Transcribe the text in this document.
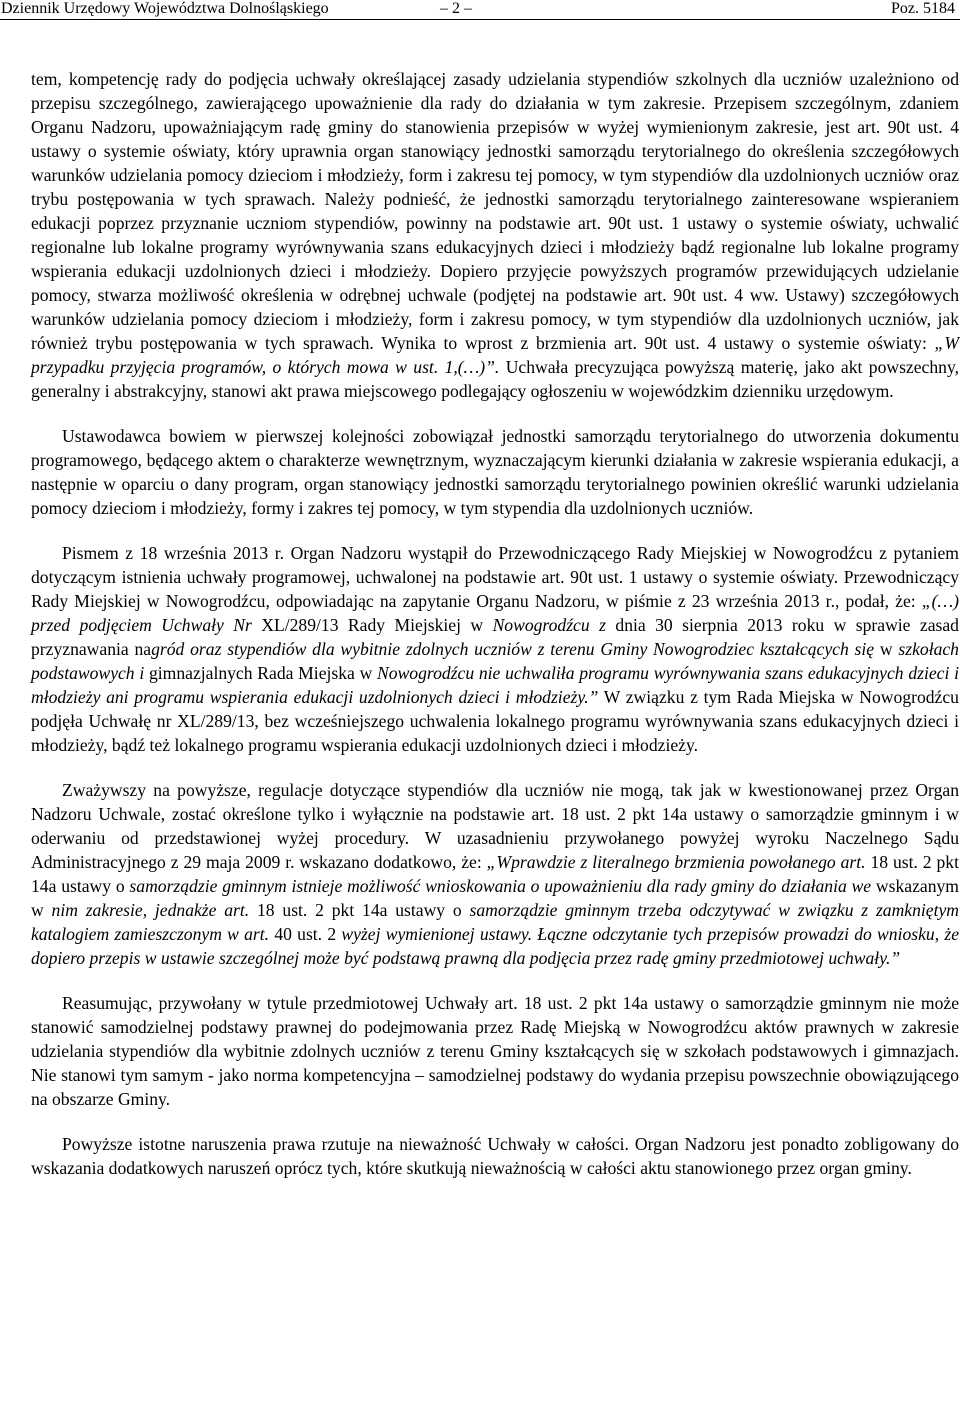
Dziennik Urzędowy Województwa Dolnośląskiego	– 2 –	Poz. 5184

tem, kompetencję rady do podjęcia uchwały określającej zasady udzielania stypendiów szkolnych dla uczniów uzależniono od przepisu szczególnego, zawierającego upoważnienie dla rady do działania w tym zakresie. Przepisem szczególnym, zdaniem Organu Nadzoru, upoważniającym radę gminy do stanowienia przepisów w wyżej wymienionym zakresie, jest art. 90t ust. 4 ustawy o systemie oświaty, który uprawnia organ stanowiący jednostki samorządu terytorialnego do określenia szczegółowych warunków udzielania pomocy dzieciom i młodzieży, form i zakresu tej pomocy, w tym stypendiów dla uzdolnionych uczniów oraz trybu postępowania w tych sprawach. Należy podnieść, że jednostki samorządu terytorialnego zainteresowane wspieraniem edukacji poprzez przyznanie uczniom stypendiów, powinny na podstawie art. 90t ust. 1 ustawy o systemie oświaty, uchwalić regionalne lub lokalne programy wyrównywania szans edukacyjnych dzieci i młodzieży bądź regionalne lub lokalne programy wspierania edukacji uzdolnionych dzieci i młodzieży. Dopiero przyjęcie powyższych programów przewidujących udzielanie pomocy, stwarza możliwość określenia w odrębnej uchwale (podjętej na podstawie art. 90t ust. 4 ww. Ustawy) szczegółowych warunków udzielania pomocy dzieciom i młodzieży, form i zakresu pomocy, w tym stypendiów dla uzdolnionych uczniów, jak również trybu postępowania w tych sprawach. Wynika to wprost z brzmienia art. 90t ust. 4 ustawy o systemie oświaty: „W przypadku przyjęcia programów, o których mowa w ust. 1,(…)”. Uchwała precyzująca powyższą materię, jako akt powszechny, generalny i abstrakcyjny, stanowi akt prawa miejscowego podlegający ogłoszeniu w wojewódzkim dzienniku urzędowym.

Ustawodawca bowiem w pierwszej kolejności zobowiązał jednostki samorządu terytorialnego do utworzenia dokumentu programowego, będącego aktem o charakterze wewnętrznym, wyznaczającym kierunki działania w zakresie wspierania edukacji, a następnie w oparciu o dany program, organ stanowiący jednostki samorządu terytorialnego powinien określić warunki udzielania pomocy dzieciom i młodzieży, formy i zakres tej pomocy, w tym stypendia dla uzdolnionych uczniów.

Pismem z 18 września 2013 r. Organ Nadzoru wystąpił do Przewodniczącego Rady Miejskiej w Nowogrodźcu z pytaniem dotyczącym istnienia uchwały programowej, uchwalonej na podstawie art. 90t ust. 1 ustawy o systemie oświaty. Przewodniczący Rady Miejskiej w Nowogrodźcu, odpowiadając na zapytanie Organu Nadzoru, w piśmie z 23 września 2013 r., podał, że: „(…) przed podjęciem Uchwały Nr XL/289/13 Rady Miejskiej w Nowogrodźcu z dnia 30 sierpnia 2013 roku w sprawie zasad przyznawania nagród oraz stypendiów dla wybitnie zdolnych uczniów z terenu Gminy Nowogrodziec kształcących się w szkołach podstawowych i gimnazjalnych Rada Miejska w Nowogrodźcu nie uchwaliła programu wyrównywania szans edukacyjnych dzieci i młodzieży ani programu wspierania edukacji uzdolnionych dzieci i młodzieży.” W związku z tym Rada Miejska w Nowogrodźcu podjęła Uchwałę nr XL/289/13, bez wcześniejszego uchwalenia lokalnego programu wyrównywania szans edukacyjnych dzieci i młodzieży, bądź też lokalnego programu wspierania edukacji uzdolnionych dzieci i młodzieży.

Zważywszy na powyższe, regulacje dotyczące stypendiów dla uczniów nie mogą, tak jak w kwestionowanej przez Organ Nadzoru Uchwale, zostać określone tylko i wyłącznie na podstawie art. 18 ust. 2 pkt 14a ustawy o samorządzie gminnym i w oderwaniu od przedstawionej wyżej procedury. W uzasadnieniu przywołanego powyżej wyroku Naczelnego Sądu Administracyjnego z 29 maja 2009 r. wskazano dodatkowo, że: „Wprawdzie z literalnego brzmienia powołanego art. 18 ust. 2 pkt 14a ustawy o samorządzie gminnym istnieje możliwość wnioskowania o upoważnieniu dla rady gminy do działania we wskazanym w nim zakresie, jednakże art. 18 ust. 2 pkt 14a ustawy o samorządzie gminnym trzeba odczytywać w związku z zamkniętym katalogiem zamieszczonym w art. 40 ust. 2 wyżej wymienionej ustawy. Łączne odczytanie tych przepisów prowadzi do wniosku, że dopiero przepis w ustawie szczególnej może być podstawą prawną dla podjęcia przez radę gminy przedmiotowej uchwały.”

Reasumując, przywołany w tytule przedmiotowej Uchwały art. 18 ust. 2 pkt 14a ustawy o samorządzie gminnym nie może stanowić samodzielnej podstawy prawnej do podejmowania przez Radę Miejską w Nowogrodźcu aktów prawnych w zakresie udzielania stypendiów dla wybitnie zdolnych uczniów z terenu Gminy kształcących się w szkołach podstawowych i gimnazjach. Nie stanowi tym samym - jako norma kompetencyjna – samodzielnej podstawy do wydania przepisu powszechnie obowiązującego na obszarze Gminy.

Powyższe istotne naruszenia prawa rzutuje na nieważność Uchwały w całości. Organ Nadzoru jest ponadto zobligowany do wskazania dodatkowych naruszeń oprócz tych, które skutkują nieważnością w całości aktu stanowionego przez organ gminy.
